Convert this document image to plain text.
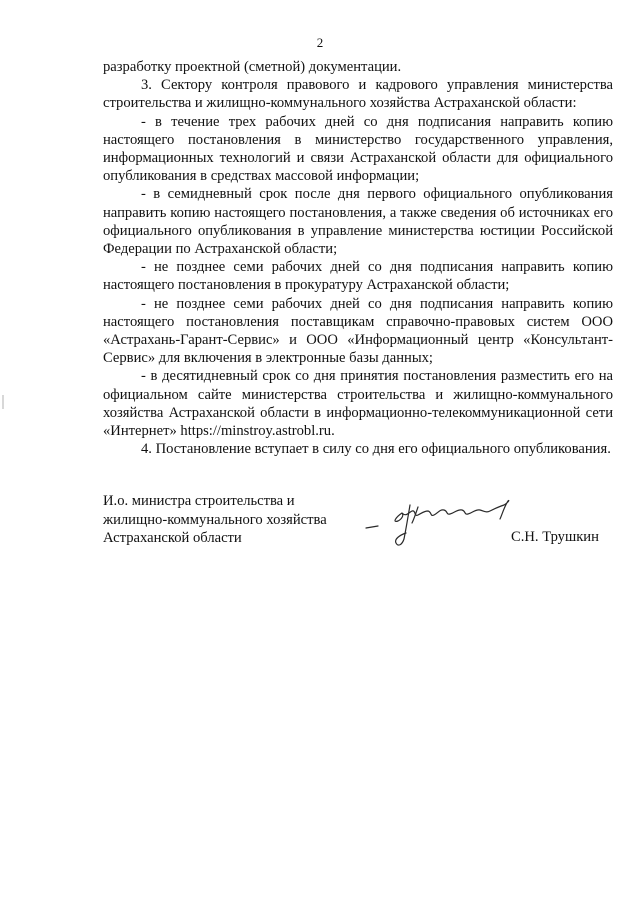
2

разработку проектной (сметной) документации.

3. Сектору контроля правового и кадрового управления министерства строительства и жилищно-коммунального хозяйства Астраханской области:

- в течение трех рабочих дней со дня подписания направить копию настоящего постановления в министерство государственного управления, информационных технологий и связи Астраханской области для официального опубликования в средствах массовой информации;

- в семидневный срок после дня первого официального опубликования направить копию настоящего постановления, а также сведения об источниках его официального опубликования в управление министерства юстиции Российской Федерации по Астраханской области;

- не позднее семи рабочих дней со дня подписания направить копию настоящего постановления в прокуратуру Астраханской области;

- не позднее семи рабочих дней со дня подписания направить копию настоящего постановления поставщикам справочно-правовых систем ООО «Астрахань-Гарант-Сервис» и ООО «Информационный центр «Консультант-Сервис» для включения в электронные базы данных;

- в десятидневный срок со дня принятия постановления разместить его на официальном сайте министерства строительства и жилищно-коммунального хозяйства Астраханской области в информационно-телекоммуникационной сети «Интернет» https://minstroy.astrobl.ru.

4. Постановление вступает в силу со дня его официального опубликования.

И.о. министра строительства и
жилищно-коммунального хозяйства
Астраханской области	С.Н. Трушкин
